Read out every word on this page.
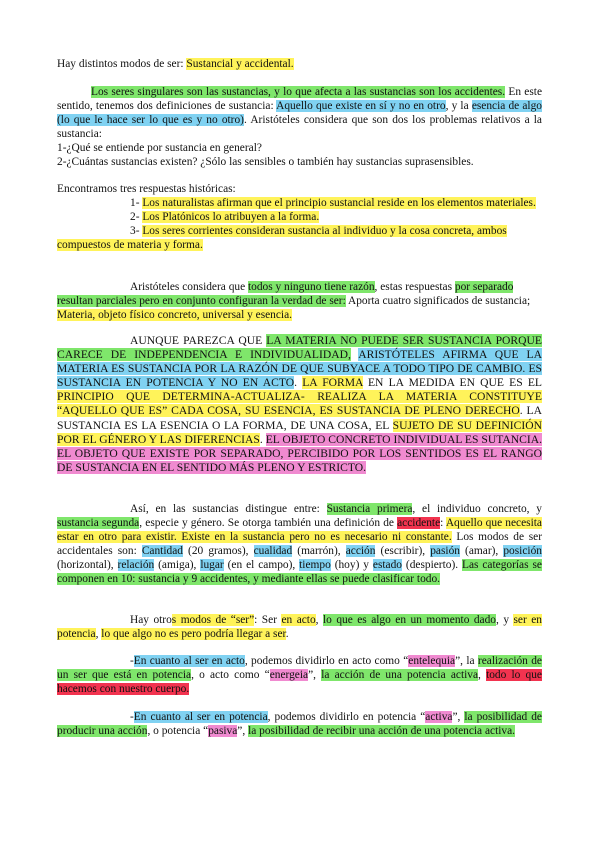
Hay distintos modos de ser: Sustancial y accidental.

Los seres singulares son las sustancias, y lo que afecta a las sustancias son los accidentes. En este sentido, tenemos dos definiciones de sustancia: Aquello que existe en sí y no en otro, y la esencia de algo (lo que le hace ser lo que es y no otro). Aristóteles considera que son dos los problemas relativos a la sustancia:
1-¿Qué se entiende por sustancia en general?
2-¿Cuántas sustancias existen? ¿Sólo las sensibles o también hay sustancias suprasensibles.
Encontramos tres respuestas históricas:
1- Los naturalistas afirman que el principio sustancial reside en los elementos materiales.
2- Los Platónicos lo atribuyen a la forma.
3- Los seres corrientes consideran sustancia al individuo y la cosa concreta, ambos compuestos de materia y forma.

Aristóteles considera que todos y ninguno tiene razón, estas respuestas por separado resultan parciales pero en conjunto configuran la verdad de ser: Aporta cuatro significados de sustancia; Materia, objeto físico concreto, universal y esencia.

AUNQUE PAREZCA QUE LA MATERIA NO PUEDE SER SUSTANCIA PORQUE CARECE DE INDEPENDENCIA E INDIVIDUALIDAD, ARISTÓTELES AFIRMA QUE LA MATERIA ES SUSTANCIA POR LA RAZÓN DE QUE SUBYACE A TODO TIPO DE CAMBIO. ES SUSTANCIA EN POTENCIA Y NO EN ACTO. LA FORMA EN LA MEDIDA EN QUE ES EL PRINCIPIO QUE DETERMINA-ACTUALIZA- REALIZA LA MATERIA CONSTITUYE “AQUELLO QUE ES” CADA COSA, SU ESENCIA, ES SUSTANCIA DE PLENO DERECHO. LA SUSTANCIA ES LA ESENCIA O LA FORMA, DE UNA COSA, EL SUJETO DE SU DEFINICIÓN POR EL GÉNERO Y LAS DIFERENCIAS. EL OBJETO CONCRETO INDIVIDUAL ES SUTANCIA. EL OBJETO QUE EXISTE POR SEPARADO, PERCIBIDO POR LOS SENTIDOS ES EL RANGO DE SUSTANCIA EN EL SENTIDO MÁS PLENO Y ESTRICTO.

Así, en las sustancias distingue entre: Sustancia primera, el individuo concreto, y sustancia segunda, especie y género. Se otorga también una definición de accidente: Aquello que necesita estar en otro para existir. Existe en la sustancia pero no es necesario ni constante. Los modos de ser accidentales son: Cantidad (20 gramos), cualidad (marrón), acción (escribir), pasión (amar), posición (horizontal), relación (amiga), lugar (en el campo), tiempo (hoy) y estado (despierto). Las categorías se componen en 10: sustancia y 9 accidentes, y mediante ellas se puede clasificar todo.

Hay otros modos de “ser”: Ser en acto, lo que es algo en un momento dado, y ser en potencia, lo que algo no es pero podría llegar a ser.

-En cuanto al ser en acto, podemos dividirlo en acto como “entelequia”, la realización de un ser que está en potencia, o acto como “energeia”, la acción de una potencia activa, todo lo que hacemos con nuestro cuerpo.

-En cuanto al ser en potencia, podemos dividirlo en potencia “activa”, la posibilidad de producir una acción, o potencia “pasiva”, la posibilidad de recibir una acción de una potencia activa.
